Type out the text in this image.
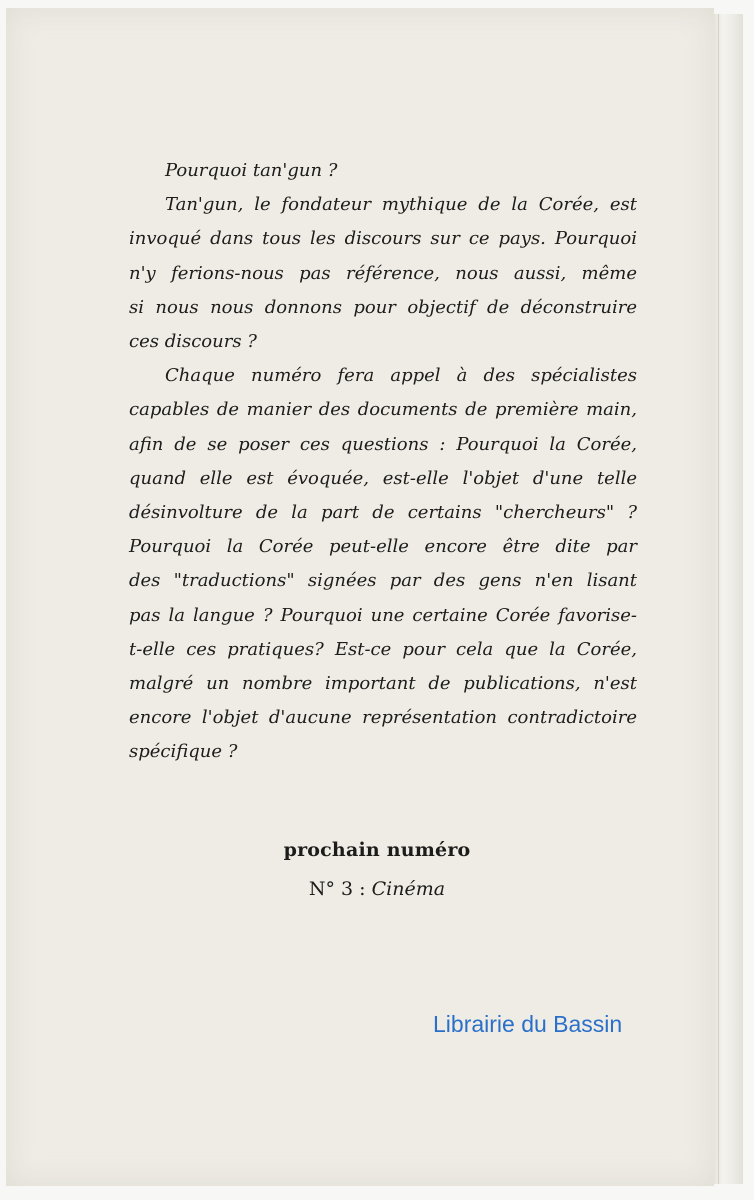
Pourquoi tan'gun ?

Tan'gun, le fondateur mythique de la Corée, est
invoqué dans tous les discours sur ce pays. Pourquoi
n'y ferions-nous pas référence, nous aussi, même
si nous nous donnons pour objectif de déconstruire
ces discours ?

Chaque numéro fera appel à des spécialistes
capables de manier des documents de première main,
afin de se poser ces questions : Pourquoi la Corée,
quand elle est évoquée, est-elle l'objet d'une telle
désinvolture de la part de certains "chercheurs" ?
Pourquoi la Corée peut-elle encore être dite par
des "traductions" signées par des gens n'en lisant
pas la langue ? Pourquoi une certaine Corée favorise-
t-elle ces pratiques? Est-ce pour cela que la Corée,
malgré un nombre important de publications, n'est
encore l'objet d'aucune représentation contradictoire
spécifique ?

prochain numéro
N° 3 : Cinéma
Librairie du Bassin
